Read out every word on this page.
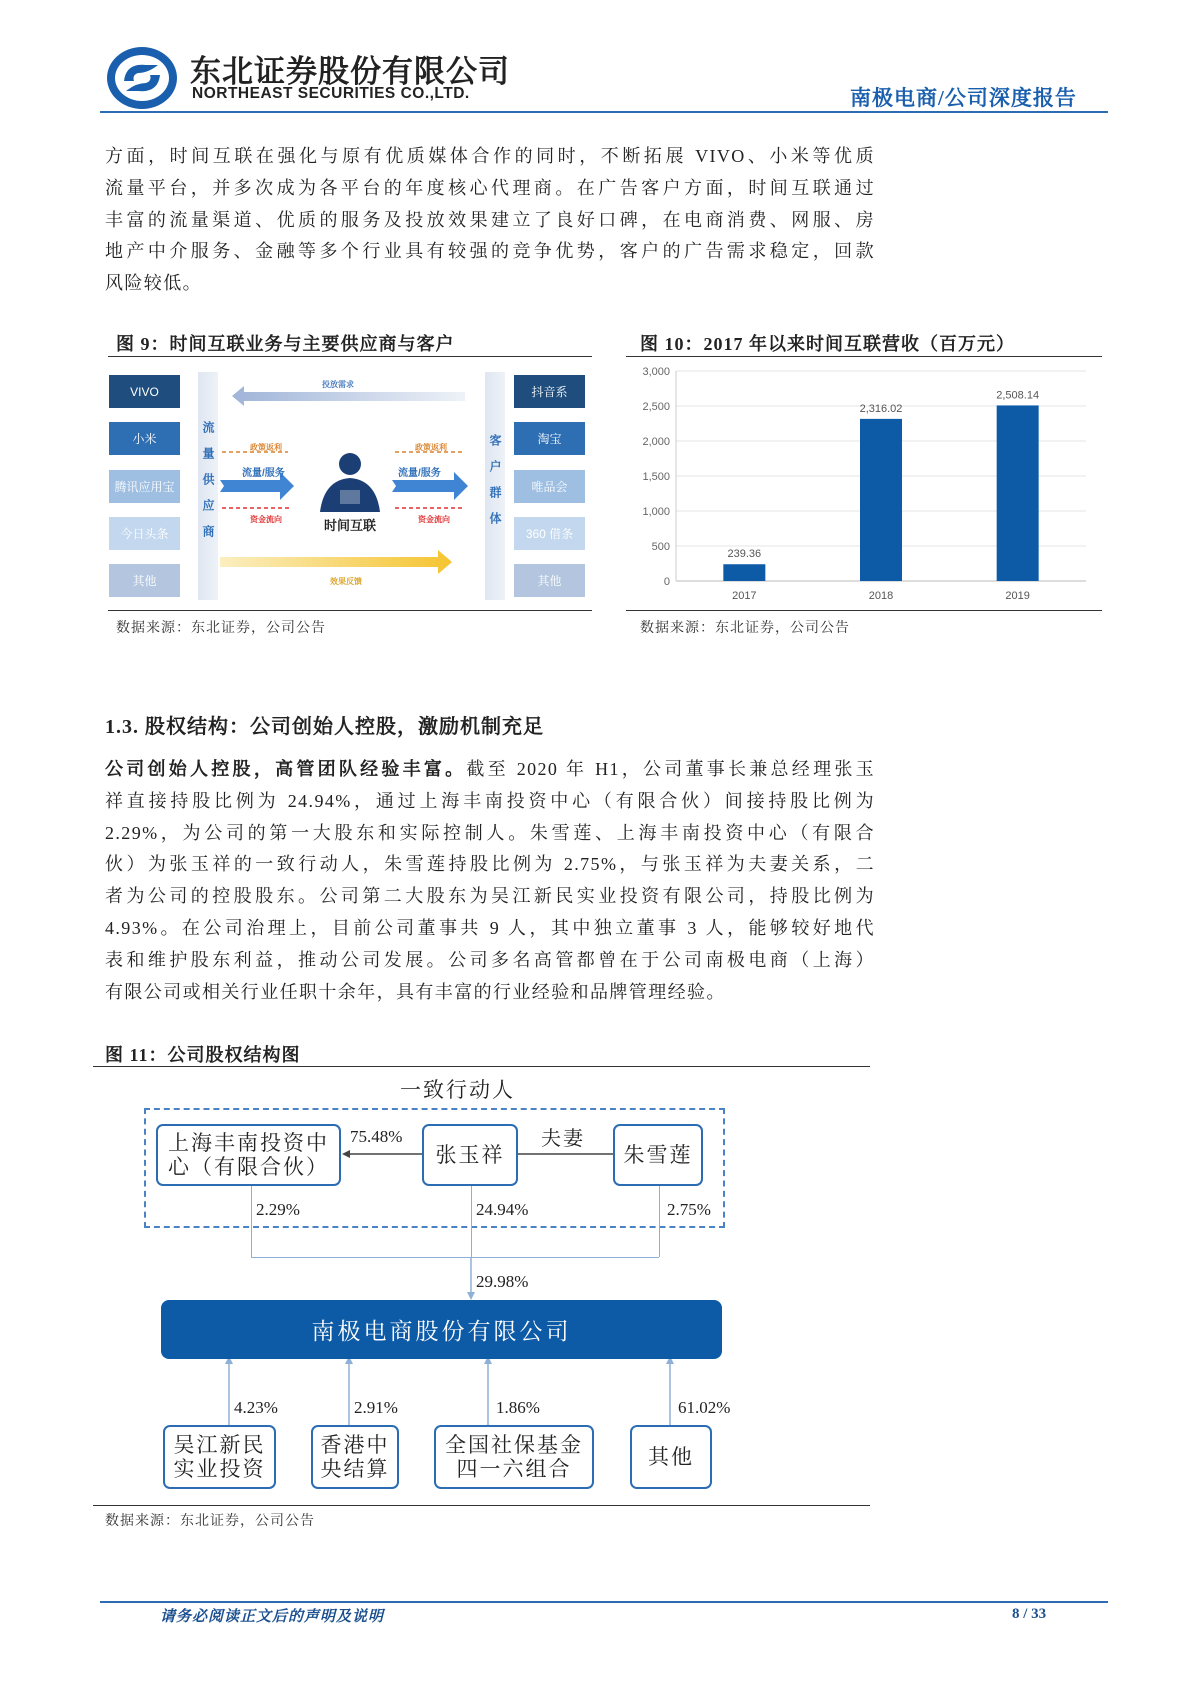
东北证券股份有限公司
NORTHEAST SECURITIES CO.,LTD.	南极电商/公司深度报告
方面，时间互联在强化与原有优质媒体合作的同时，不断拓展 VIVO、小米等优质
流量平台，并多次成为各平台的年度核心代理商。在广告客户方面，时间互联通过
丰富的流量渠道、优质的服务及投放效果建立了良好口碑，在电商消费、网服、房
地产中介服务、金融等多个行业具有较强的竞争优势，客户的广告需求稳定，回款
风险较低。
图 9：时间互联业务与主要供应商与客户
VIVO
小米
腾讯应用宝
今日头条
其他
流量供应商	客户群体
抖音系
淘宝
唯品会
360 借条
其他
投放需求
政策返利	政策返利
流量/服务	流量/服务
资金流向	资金流向
效果反馈
时间互联
数据来源：东北证券，公司公告
图 10：2017 年以来时间互联营收（百万元）
0
500
1,000
1,500
2,000
2,500
3,000
239.36
2017
2,316.02
2018
2,508.14
2019
数据来源：东北证券，公司公告
1.3. 股权结构：公司创始人控股，激励机制充足
公司创始人控股，高管团队经验丰富。截至 2020 年 H1，公司董事长兼总经理张玉
祥直接持股比例为 24.94%，通过上海丰南投资中心（有限合伙）间接持股比例为
2.29%，为公司的第一大股东和实际控制人。朱雪莲、上海丰南投资中心（有限合
伙）为张玉祥的一致行动人，朱雪莲持股比例为 2.75%，与张玉祥为夫妻关系，二
者为公司的控股股东。公司第二大股东为吴江新民实业投资有限公司，持股比例为
4.93%。在公司治理上，目前公司董事共 9 人，其中独立董事 3 人，能够较好地代
表和维护股东利益，推动公司发展。公司多名高管都曾在于公司南极电商（上海）
有限公司或相关行业任职十余年，具有丰富的行业经验和品牌管理经验。
图 11：公司股权结构图
一致行动人
上海丰南投资中心（有限合伙）	张玉祥	朱雪莲
75.48%	夫妻
2.29%	24.94%	2.75%
29.98%
南极电商股份有限公司
4.23%	2.91%	1.86%	61.02%
吴江新民实业投资
香港中央结算
全国社保基金四一六组合	其他
数据来源：东北证券，公司公告
请务必阅读正文后的声明及说明	8 / 33
